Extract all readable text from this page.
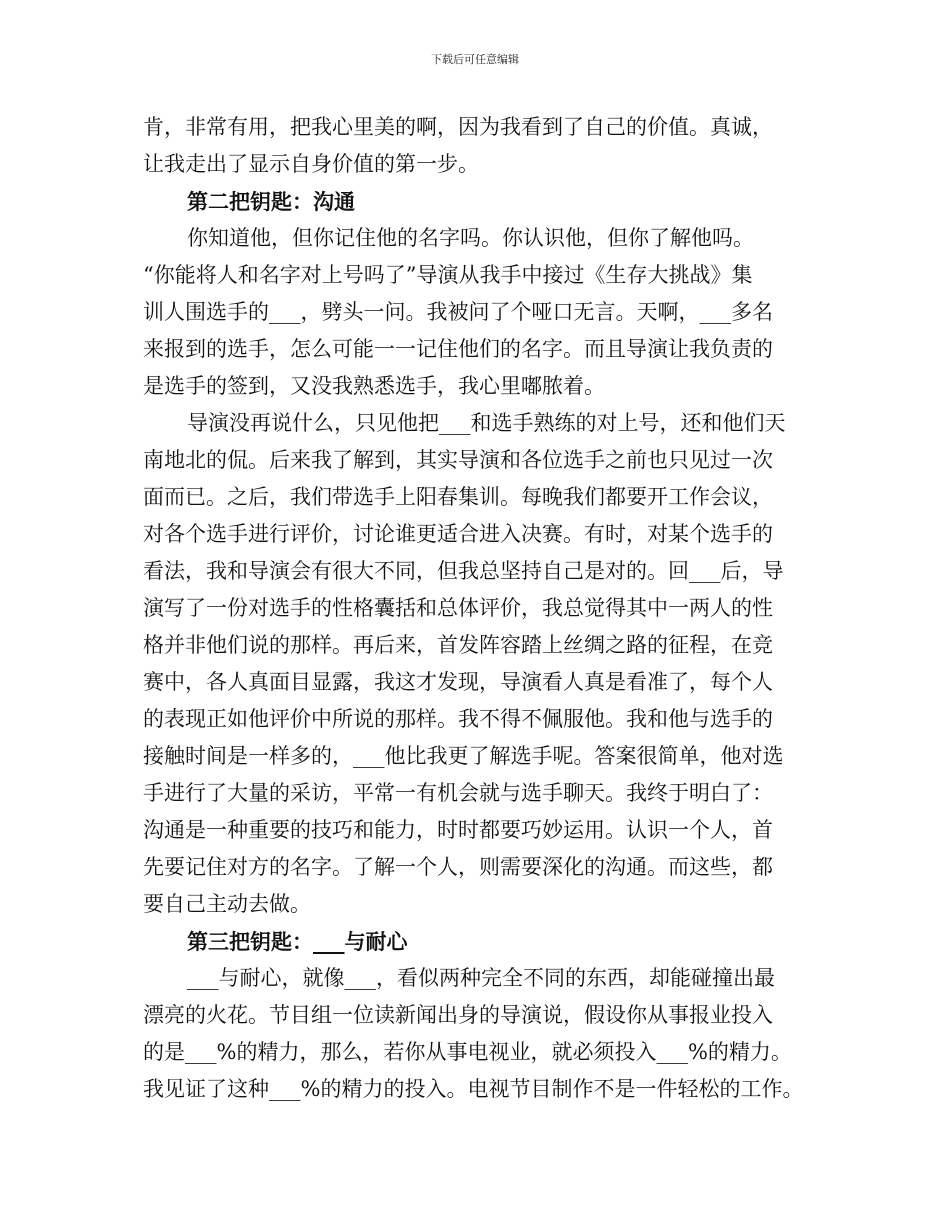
下载后可任意编辑
肯，非常有用，把我心里美的啊，因为我看到了自己的价值。真诚，
让我走出了显示自身价值的第一步。
第二把钥匙：沟通
你知道他，但你记住他的名字吗。你认识他，但你了解他吗。
“你能将人和名字对上号吗了”导演从我手中接过《生存大挑战》集
训人围选手的___，劈头一问。我被问了个哑口无言。天啊，___多名
来报到的选手，怎么可能一一记住他们的名字。而且导演让我负责的
是选手的签到，又没我熟悉选手，我心里嘟脓着。
导演没再说什么，只见他把___和选手熟练的对上号，还和他们天
南地北的侃。后来我了解到，其实导演和各位选手之前也只见过一次
面而已。之后，我们带选手上阳春集训。每晚我们都要开工作会议，
对各个选手进行评价，讨论谁更适合进入决赛。有时，对某个选手的
看法，我和导演会有很大不同，但我总坚持自己是对的。回___后，导
演写了一份对选手的性格囊括和总体评价，我总觉得其中一两人的性
格并非他们说的那样。再后来，首发阵容踏上丝绸之路的征程，在竞
赛中，各人真面目显露，我这才发现，导演看人真是看准了，每个人
的表现正如他评价中所说的那样。我不得不佩服他。我和他与选手的
接触时间是一样多的，___他比我更了解选手呢。答案很简单，他对选
手进行了大量的采访，平常一有机会就与选手聊天。我终于明白了：
沟通是一种重要的技巧和能力，时时都要巧妙运用。认识一个人，首
先要记住对方的名字。了解一个人，则需要深化的沟通。而这些，都
要自己主动去做。
第三把钥匙：___与耐心
___与耐心，就像___，看似两种完全不同的东西，却能碰撞出最
漂亮的火花。节目组一位读新闻出身的导演说，假设你从事报业投入
的是___%的精力，那么，若你从事电视业，就必须投入___%的精力。
我见证了这种___%的精力的投入。电视节目制作不是一件轻松的工作。
